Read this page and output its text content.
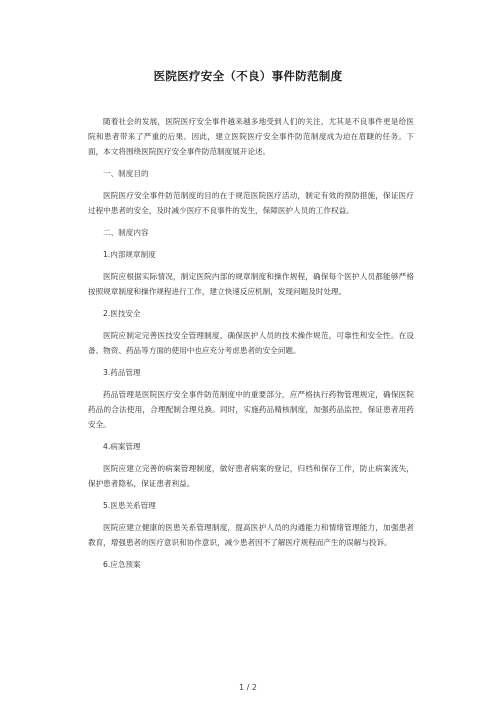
医院医疗安全（不良）事件防范制度

随着社会的发展，医院医疗安全事件越来越多地受到人们的关注，尤其是不良事件更是给医院和患者带来了严重的后果。因此，建立医院医疗安全事件防范制度成为迫在眉睫的任务。下面，本文将围绕医院医疗安全事件防范制度展开论述。

一、制度目的

医院医疗安全事件防范制度的目的在于规范医院医疗活动，制定有效的预防措施，保证医疗过程中患者的安全，及时减少医疗不良事件的发生，保障医护人员的工作权益。

二、制度内容

1.内部规章制度

医院应根据实际情况，制定医院内部的规章制度和操作规程，确保每个医护人员都能够严格按照规章制度和操作规程进行工作，建立快速反应机制，发现问题及时处理。

2.医技安全

医院应制定完善医技安全管理制度，确保医护人员的技术操作规范，可靠性和安全性。在设备、物资、药品等方面的使用中也应充分考虑患者的安全问题。

3.药品管理

药品管理是医院医疗安全事件防范制度中的重要部分，应严格执行药物管理规定，确保医院药品的合法使用，合理配制合理兑换。同时，实施药品精核制度，加强药品监控，保证患者用药安全。

4.病案管理

医院应建立完善的病案管理制度，做好患者病案的登记，归档和保存工作，防止病案流失，保护患者隐私，保证患者利益。

5.医患关系管理

医院应建立健康的医患关系管理制度，提高医护人员的沟通能力和情绪管理能力，加强患者教育，增强患者的医疗意识和协作意识，减少患者因不了解医疗规程而产生的误解与投诉。

6.应急预案

1 / 2
